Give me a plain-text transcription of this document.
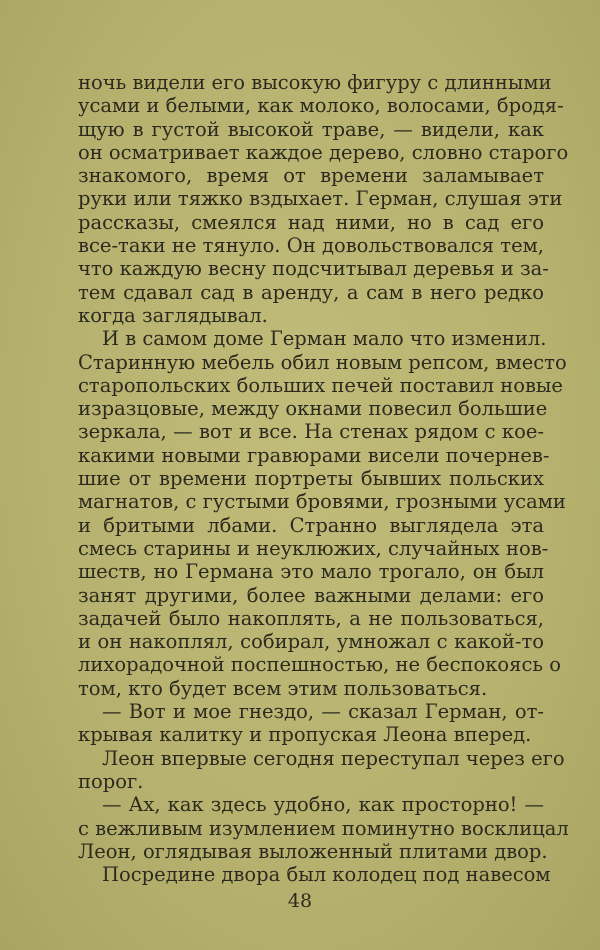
ночь видели его высокую фигуру с длинными
усами и белыми, как молоко, волосами, бродя-
щую в густой высокой траве, — видели, как
он осматривает каждое дерево, словно старого
знакомого, время от времени заламывает
руки или тяжко вздыхает. Герман, слушая эти
рассказы, смеялся над ними, но в сад его
все-таки не тянуло. Он довольствовался тем,
что каждую весну подсчитывал деревья и за-
тем сдавал сад в аренду, а сам в него редко
когда заглядывал.
И в самом доме Герман мало что изменил.
Старинную мебель обил новым репсом, вместо
старопольских больших печей поставил новые
изразцовые, между окнами повесил большие
зеркала, — вот и все. На стенах рядом с кое-
какими новыми гравюрами висели почернев-
шие от времени портреты бывших польских
магнатов, с густыми бровями, грозными усами
и бритыми лбами. Странно выглядела эта
смесь старины и неуклюжих, случайных нов-
шеств, но Германа это мало трогало, он был
занят другими, более важными делами: его
задачей было накоплять, а не пользоваться,
и он накоплял, собирал, умножал с какой-то
лихорадочной поспешностью, не беспокоясь о
том, кто будет всем этим пользоваться.
— Вот и мое гнездо, — сказал Герман, от-
крывая калитку и пропуская Леона вперед.
Леон впервые сегодня переступал через его
порог.
— Ах, как здесь удобно, как просторно! —
с вежливым изумлением поминутно восклицал
Леон, оглядывая выложенный плитами двор.
Посредине двора был колодец под навесом
48
